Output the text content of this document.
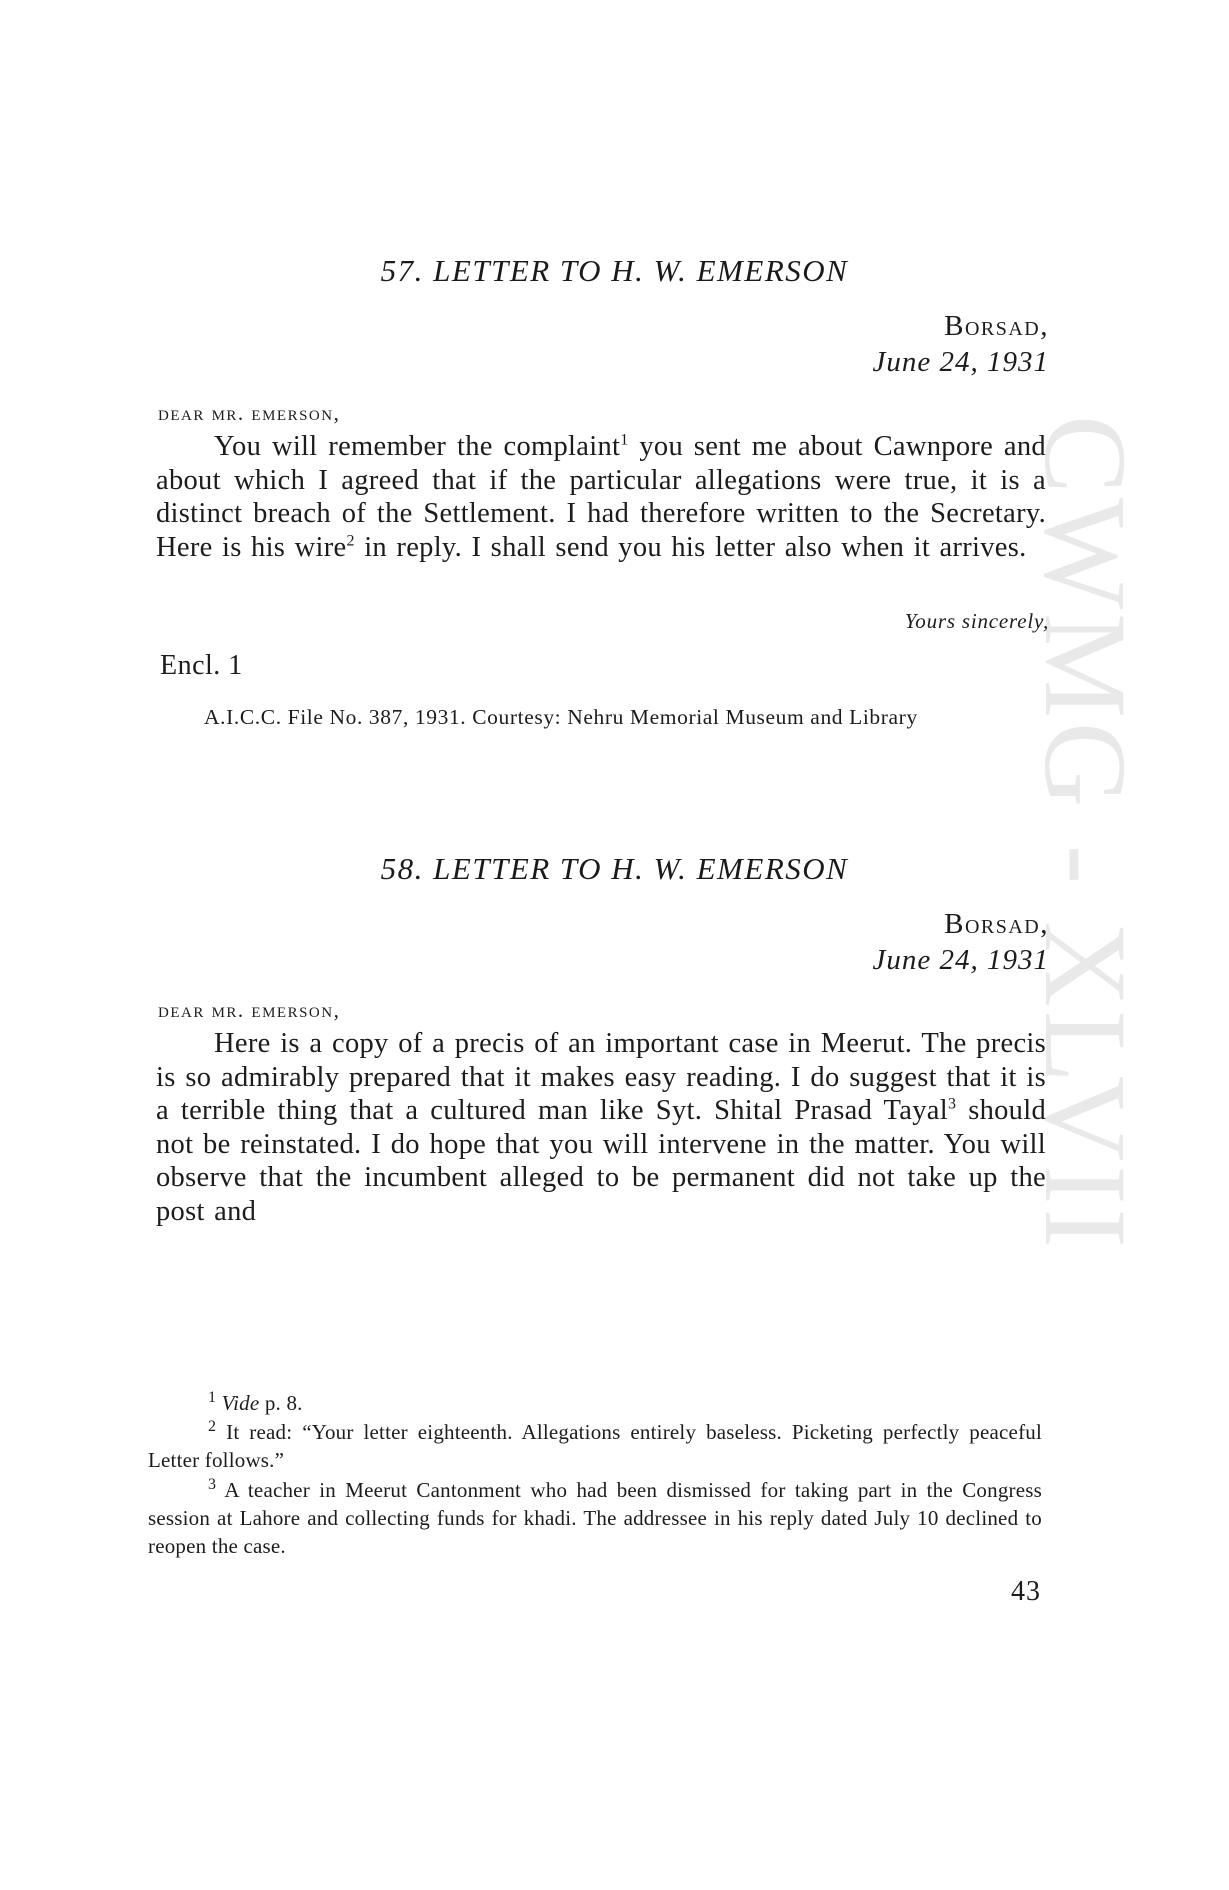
CWMG - XLVII
57. LETTER TO H. W. EMERSON
Borsad,
June 24, 1931
dear mr. emerson,
You will remember the complaint$^1$ you sent me about Cawnpore and about which I agreed that if the particular allegations were true, it is a distinct breach of the Settlement. I had therefore written to the Secretary. Here is his wire$^2$ in reply. I shall send you his letter also when it arrives.
Yours sincerely,
Encl. 1
A.I.C.C. File No. 387, 1931. Courtesy: Nehru Memorial Museum and Library
58. LETTER TO H. W. EMERSON
Borsad,
June 24, 1931
dear mr. emerson,
Here is a copy of a precis of an important case in Meerut. The precis is so admirably prepared that it makes easy reading. I do suggest that it is a terrible thing that a cultured man like Syt. Shital Prasad Tayal$^3$ should not be reinstated. I do hope that you will intervene in the matter. You will observe that the incumbent alleged to be permanent did not take up the post and
$^1$ Vide p. 8.
$^2$ It read: “Your letter eighteenth. Allegations entirely baseless. Picketing perfectly peaceful Letter follows.”
$^3$ A teacher in Meerut Cantonment who had been dismissed for taking part in the Congress session at Lahore and collecting funds for khadi. The addressee in his reply dated July 10 declined to reopen the case.
43
